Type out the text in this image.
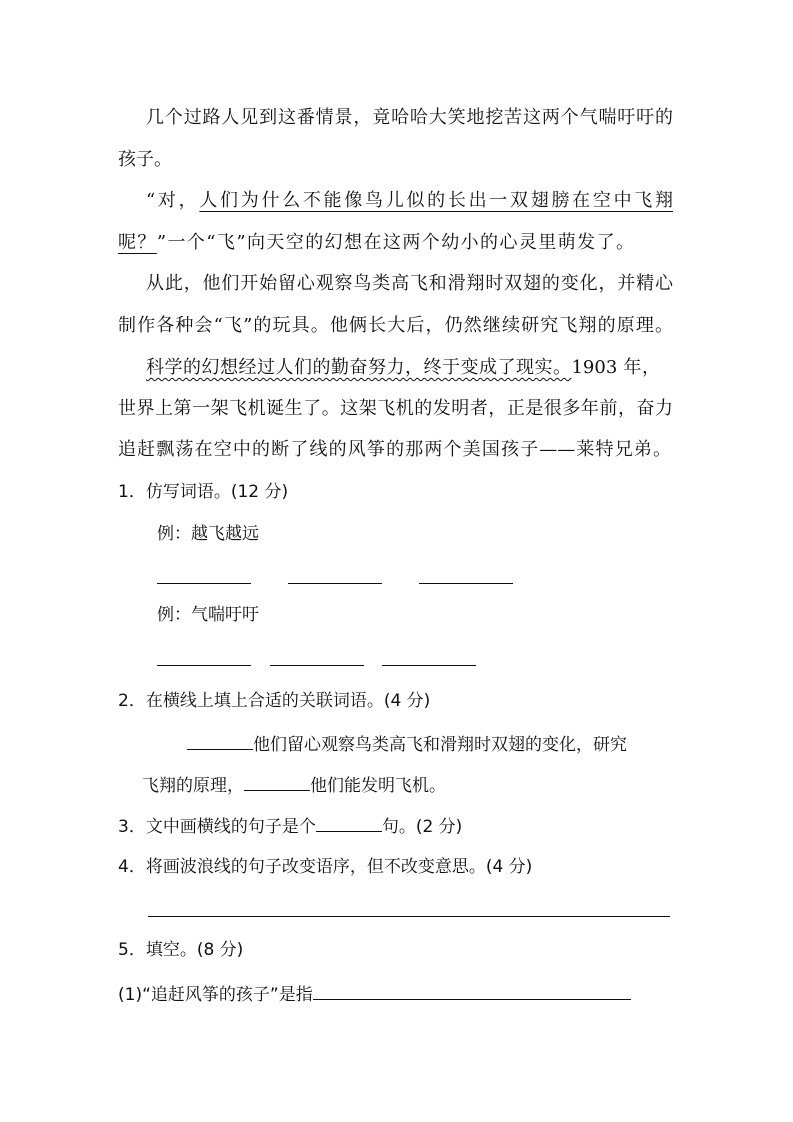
几个过路人见到这番情景，竟哈哈大笑地挖苦这两个气喘吁吁的
孩子。
“对，人们为什么不能像鸟儿似的长出一双翅膀在空中飞翔
呢？”一个“飞”向天空的幻想在这两个幼小的心灵里萌发了。
从此，他们开始留心观察鸟类高飞和滑翔时双翅的变化，并精心
制作各种会“飞”的玩具。他俩长大后，仍然继续研究飞翔的原理。
科学的幻想经过人们的勤奋努力，终于变成了现实。1903 年，
世界上第一架飞机诞生了。这架飞机的发明者，正是很多年前，奋力
追赶飘荡在空中的断了线的风筝的那两个美国孩子——莱特兄弟。
1．仿写词语。(12 分)
例：越飞越远
例：气喘吁吁
2．在横线上填上合适的关联词语。(4 分)
他们留心观察鸟类高飞和滑翔时双翅的变化，研究
飞翔的原理，	他们能发明飞机。
3．文中画横线的句子是个	句。(2 分)
4．将画波浪线的句子改变语序，但不改变意思。(4 分)
5．填空。(8 分)
(1)“追赶风筝的孩子”是指
